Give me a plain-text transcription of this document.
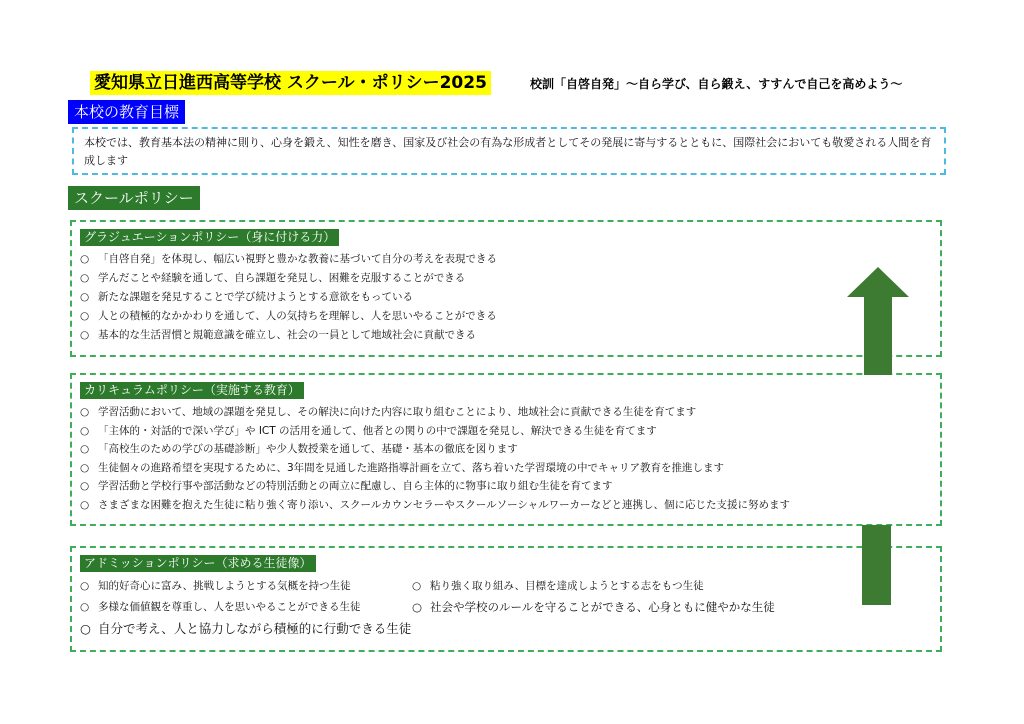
愛知県立日進西高等学校 スクール・ポリシー2025	校訓「自啓自発」～自ら学び、自ら鍛え、すすんで自己を高めよう～
本校の教育目標
本校では、教育基本法の精神に則り、心身を鍛え、知性を磨き、国家及び社会の有為な形成者としてその発展に寄与するとともに、国際社会においても敬愛される人間を育成します
スクールポリシー
グラジュエーションポリシー（身に付ける力）
○ 「自啓自発」を体現し、幅広い視野と豊かな教養に基づいて自分の考えを表現できる
○ 学んだことや経験を通して、自ら課題を発見し、困難を克服することができる
○ 新たな課題を発見することで学び続けようとする意欲をもっている
○ 人との積極的なかかわりを通して、人の気持ちを理解し、人を思いやることができる
○ 基本的な生活習慣と規範意識を確立し、社会の一員として地域社会に貢献できる
カリキュラムポリシー（実施する教育）
○ 学習活動において、地域の課題を発見し、その解決に向けた内容に取り組むことにより、地域社会に貢献できる生徒を育てます
○ 「主体的・対話的で深い学び」や ICT の活用を通して、他者との関りの中で課題を発見し、解決できる生徒を育てます
○ 「高校生のための学びの基礎診断」や少人数授業を通して、基礎・基本の徹底を図ります
○ 生徒個々の進路希望を実現するために、3年間を見通した進路指導計画を立て、落ち着いた学習環境の中でキャリア教育を推進します
○ 学習活動と学校行事や部活動などの特別活動との両立に配慮し、自ら主体的に物事に取り組む生徒を育てます
○ さまざまな困難を抱えた生徒に粘り強く寄り添い、スクールカウンセラーやスクールソーシャルワーカーなどと連携し、個に応じた支援に努めます
アドミッションポリシー（求める生徒像）
○ 知的好奇心に富み、挑戦しようとする気概を持つ生徒	○ 粘り強く取り組み、目標を達成しようとする志をもつ生徒
○ 多様な価値観を尊重し、人を思いやることができる生徒	○ 社会や学校のルールを守ることができる、心身ともに健やかな生徒
○ 自分で考え、人と協力しながら積極的に行動できる生徒
